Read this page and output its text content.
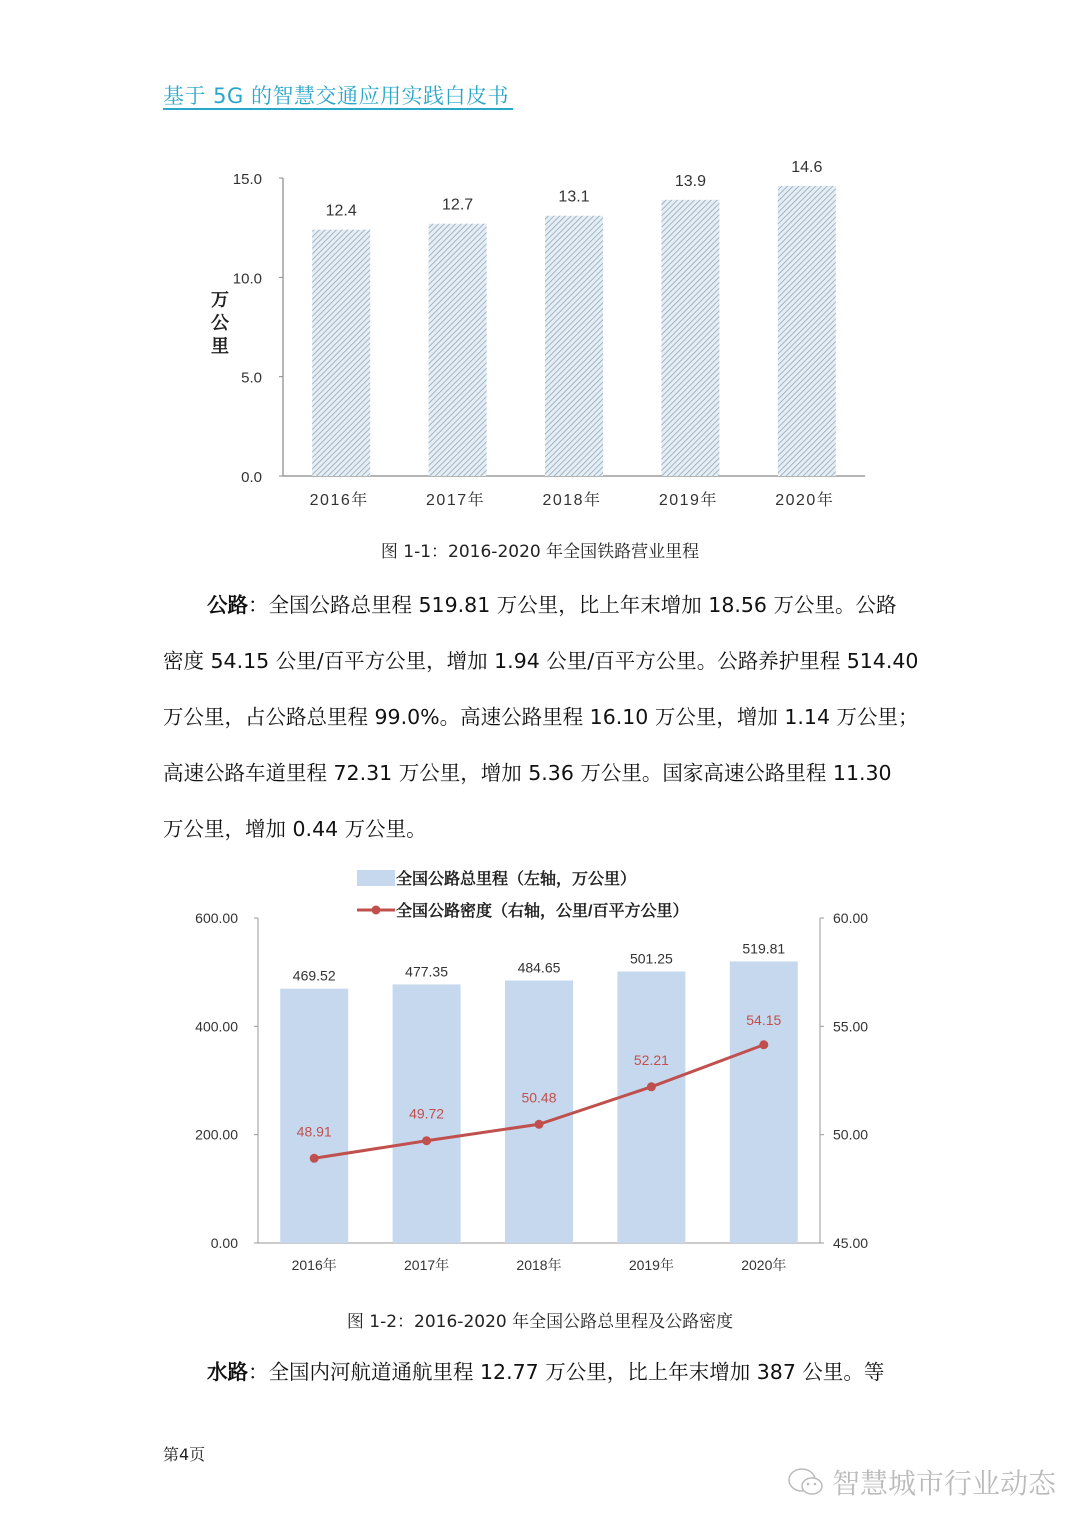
基于 5G 的智慧交通应用实践白皮书
0.0
5.0
10.0
15.0
12.4
2016年
12.7
2017年
13.1
2018年
13.9
2019年
14.6
2020年
万
公
里
图 1-1：2016-2020 年全国铁路营业里程
公路：全国公路总里程 519.81 万公里，比上年末增加 18.56 万公里。公路
密度 54.15 公里/百平方公里，增加 1.94 公里/百平方公里。公路养护里程 514.40
万公里，占公路总里程 99.0%。高速公路里程 16.10 万公里，增加 1.14 万公里；
高速公路车道里程 72.31 万公里，增加 5.36 万公里。国家高速公路里程 11.30
万公里，增加 0.44 万公里。
0.00
200.00
400.00
600.00
45.00
50.00
55.00
60.00
469.52
2016年
477.35
2017年
484.65
2018年
501.25
2019年
519.81
2020年
48.91
49.72
50.48
52.21
54.15
全国公路总里程（左轴，万公里）
全国公路密度（右轴，公里/百平方公里）
图 1-2：2016-2020 年全国公路总里程及公路密度
水路：全国内河航道通航里程 12.77 万公里，比上年末增加 387 公里。等
第4页
智慧城市行业动态
